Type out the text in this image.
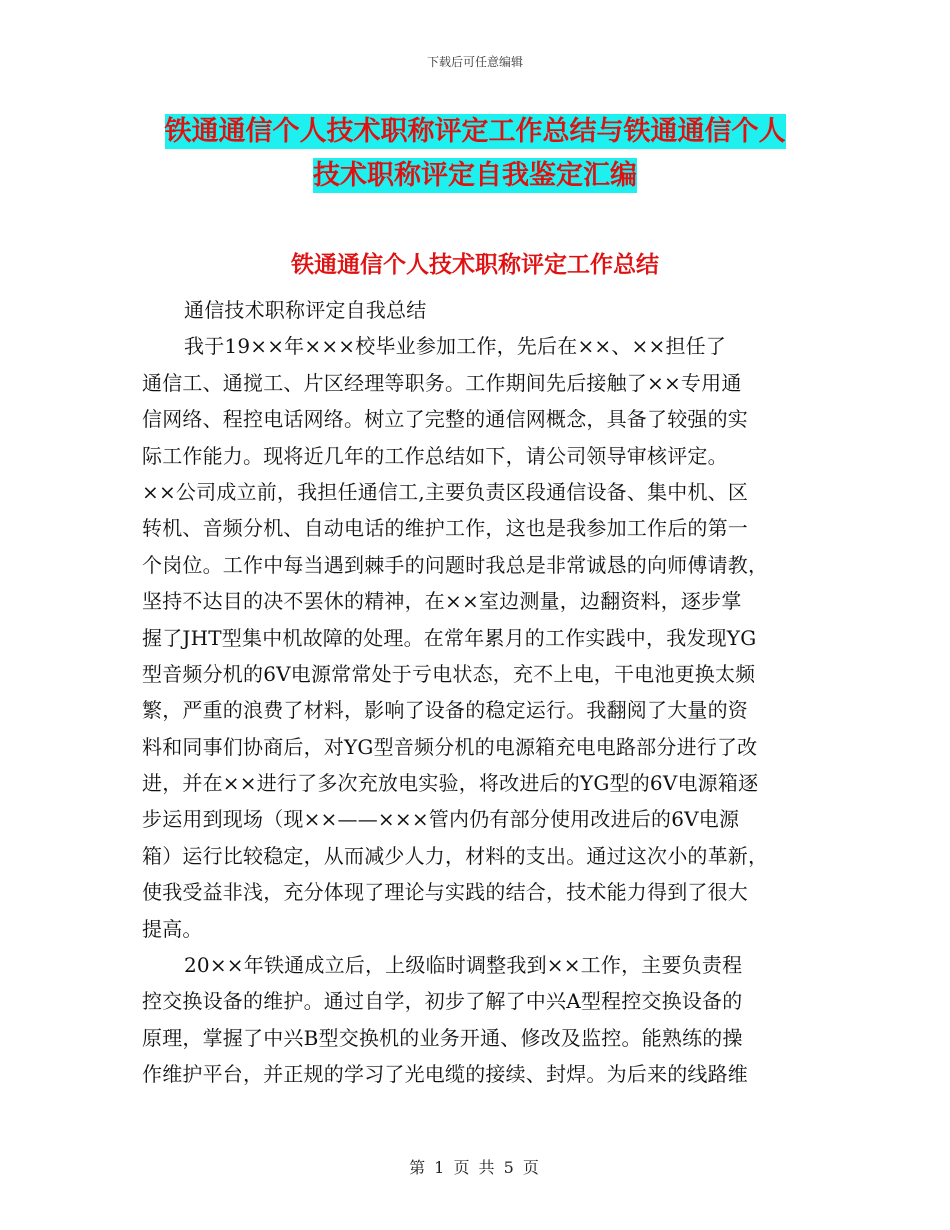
下载后可任意编辑
铁通通信个人技术职称评定工作总结与铁通通信个人
技术职称评定自我鉴定汇编
铁通通信个人技术职称评定工作总结
通信技术职称评定自我总结
我于19××年×××校毕业参加工作，先后在××、××担任了
通信工、通搅工、片区经理等职务。工作期间先后接触了××专用通
信网络、程控电话网络。树立了完整的通信网概念，具备了较强的实
际工作能力。现将近几年的工作总结如下，请公司领导审核评定。
××公司成立前，我担任通信工,主要负责区段通信设备、集中机、区
转机、音频分机、自动电话的维护工作，这也是我参加工作后的第一
个岗位。工作中每当遇到棘手的问题时我总是非常诚恳的向师傅请教，
坚持不达目的决不罢休的精神，在××室边测量，边翻资料，逐步掌
握了JHT型集中机故障的处理。在常年累月的工作实践中，我发现YG
型音频分机的6V电源常常处于亏电状态，充不上电，干电池更换太频
繁，严重的浪费了材料，影响了设备的稳定运行。我翻阅了大量的资
料和同事们协商后，对YG型音频分机的电源箱充电电路部分进行了改
进，并在××进行了多次充放电实验，将改进后的YG型的6V电源箱逐
步运用到现场（现××——×××管内仍有部分使用改进后的6V电源
箱）运行比较稳定，从而减少人力，材料的支出。通过这次小的革新，
使我受益非浅，充分体现了理论与实践的结合，技术能力得到了很大
提高。
20××年铁通成立后，上级临时调整我到××工作，主要负责程
控交换设备的维护。通过自学，初步了解了中兴A型程控交换设备的
原理，掌握了中兴B型交换机的业务开通、修改及监控。能熟练的操
作维护平台，并正规的学习了光电缆的接续、封焊。为后来的线路维
第 1 页 共 5 页
